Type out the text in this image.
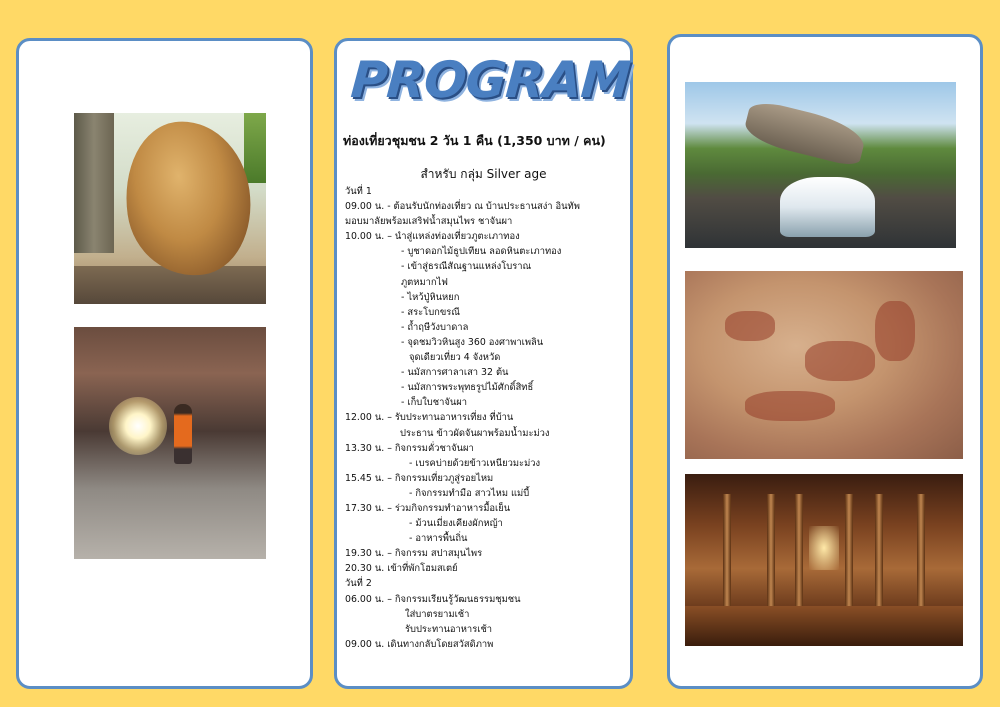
PROGRAM

ท่องเที่ยวชุมชน 2 วัน 1 คืน (1,350 บาท / คน)

สำหรับ กลุ่ม Silver age
วันที่ 1
09.00 น. - ต้อนรับนักท่องเที่ยว ณ บ้านประธานสง่า อินทัพ
มอบมาลัยพร้อมเสริฟน้ำสมุนไพร ชาจันผา
10.00 น. – นำสู่แหล่งท่องเที่ยวภูตะเภาทอง
- บูชาดอกไม้ธูปเทียน ลอดหินตะเภาทอง
- เข้าสู่ธรณีสัณฐานแหล่งโบราณ
ภูตหมากไฟ
- ไหว้ปู่หินหยก
- สระโบกขรณี
- ถ้ำฤษีวังบาดาล
- จุดชมวิวหินสูง 360 องศาพาเพลิน
จุดเดียวเที่ยว 4 จังหวัด
- นมัสการศาลาเสา 32 ต้น
- นมัสการพระพุทธรูปไม้ศักดิ์สิทธิ์
- เก็บใบชาจันผา
12.00 น. – รับประทานอาหารเที่ยง ที่บ้าน
ประธาน ข้าวผัดจันผาพร้อมน้ำมะม่วง
13.30 น. – กิจกรรมคั่วชาจันผา
- เบรคบ่ายด้วยข้าวเหนียวมะม่วง
15.45 น. – กิจกรรมเที่ยวภูสู่รอยไหม
- กิจกรรมทำมือ สาวไหม แม่บี้
17.30 น. – ร่วมกิจกรรมทำอาหารมื้อเย็น
- ม้วนเมี่ยงเคียงผักหญ้า
- อาหารพื้นถิ่น
19.30 น. – กิจกรรม สปาสมุนไพร
20.30 น. เข้าที่พักโฮมสเตย์
วันที่ 2
06.00 น. – กิจกรรมเรียนรู้วัฒนธรรมชุมชน
ใส่บาตรยามเช้า
รับประทานอาหารเช้า
09.00 น. เดินทางกลับโดยสวัสดิภาพ
